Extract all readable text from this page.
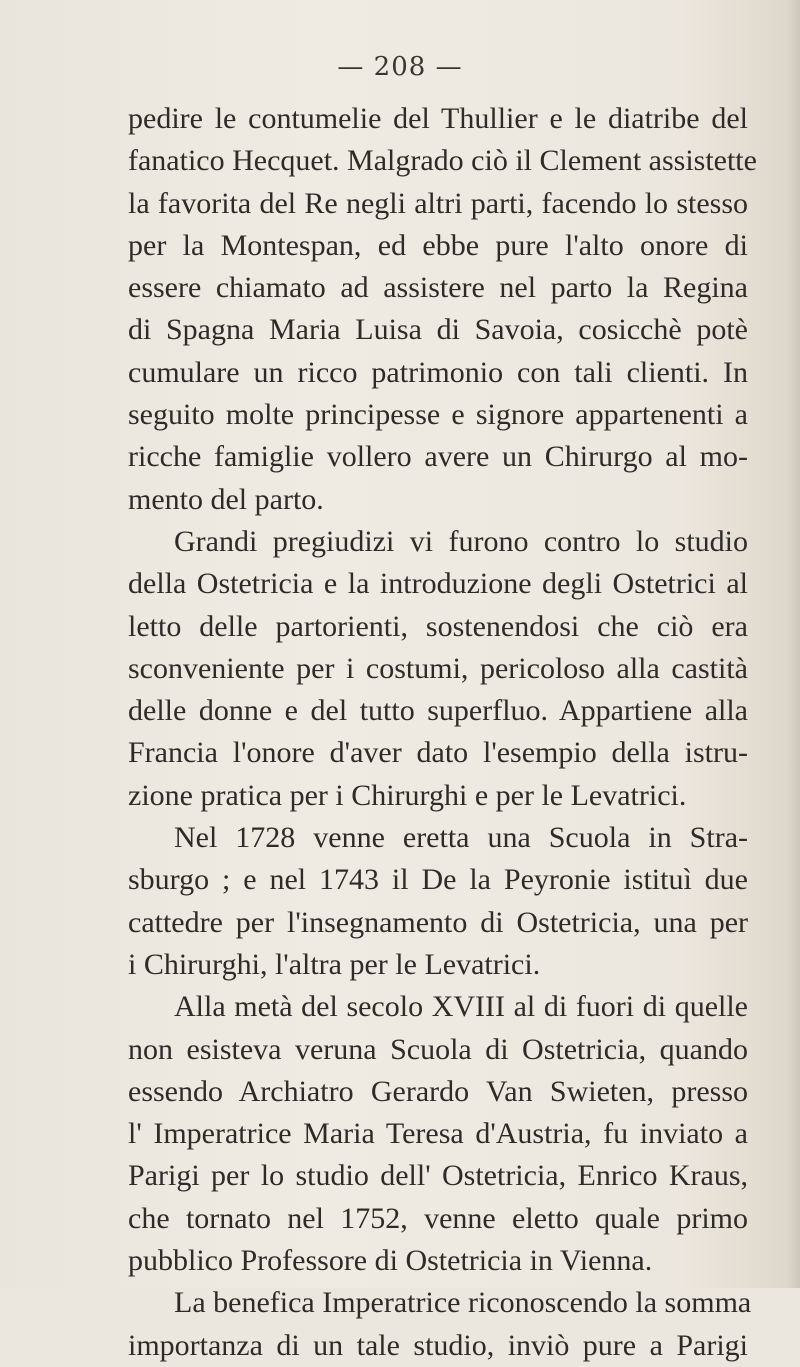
— 208 —
pedire le contumelie del Thullier e le diatribe del
fanatico Hecquet. Malgrado ciò il Clement assistette
la favorita del Re negli altri parti, facendo lo stesso
per la Montespan, ed ebbe pure l'alto onore di
essere chiamato ad assistere nel parto la Regina
di Spagna Maria Luisa di Savoia, cosicchè potè
cumulare un ricco patrimonio con tali clienti. In
seguito molte principesse e signore appartenenti a
ricche famiglie vollero avere un Chirurgo al mo-
mento del parto.
Grandi pregiudizi vi furono contro lo studio
della Ostetricia e la introduzione degli Ostetrici al
letto delle partorienti, sostenendosi che ciò era
sconveniente per i costumi, pericoloso alla castità
delle donne e del tutto superfluo. Appartiene alla
Francia l'onore d'aver dato l'esempio della istru-
zione pratica per i Chirurghi e per le Levatrici.
Nel 1728 venne eretta una Scuola in Stra-
sburgo ; e nel 1743 il De la Peyronie istituì due
cattedre per l'insegnamento di Ostetricia, una per
i Chirurghi, l'altra per le Levatrici.
Alla metà del secolo XVIII al di fuori di quelle
non esisteva veruna Scuola di Ostetricia, quando
essendo Archiatro Gerardo Van Swieten, presso
l' Imperatrice Maria Teresa d'Austria, fu inviato a
Parigi per lo studio dell' Ostetricia, Enrico Kraus,
che tornato nel 1752, venne eletto quale primo
pubblico Professore di Ostetricia in Vienna.
La benefica Imperatrice riconoscendo la somma
importanza di un tale studio, inviò pure a Parigi
